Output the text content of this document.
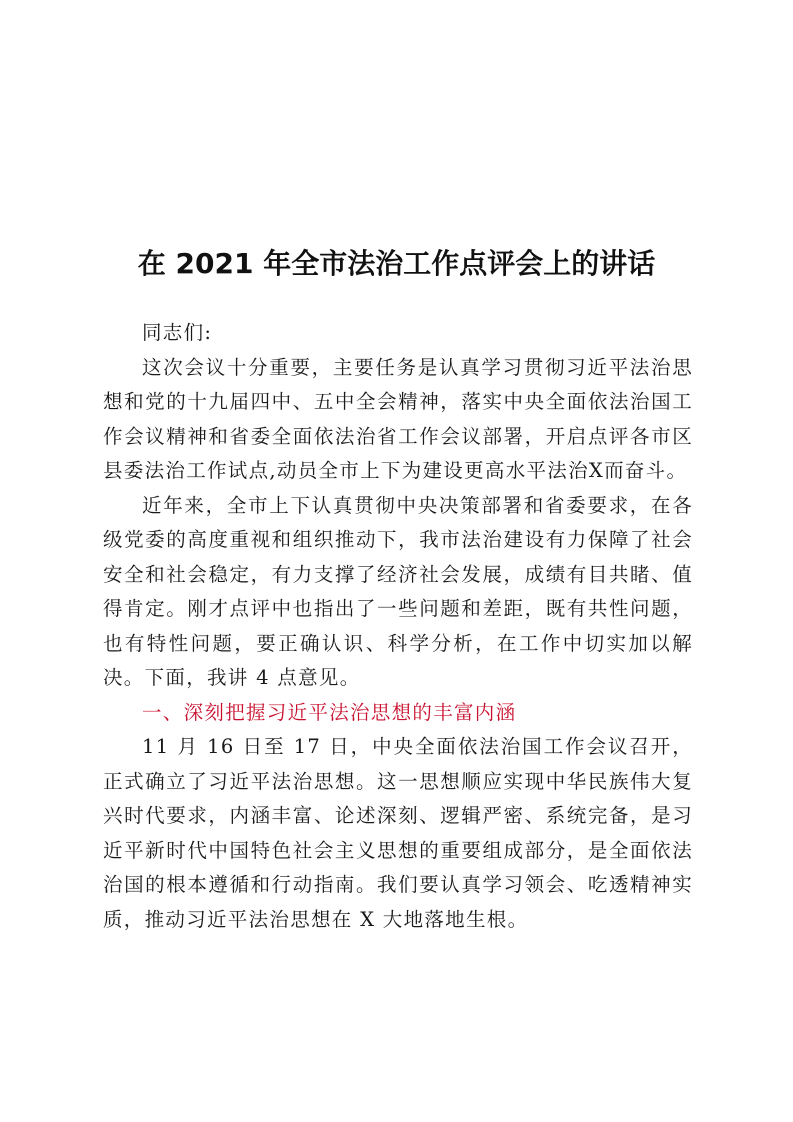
在 2021 年全市法治工作点评会上的讲话

同志们:

这次会议十分重要，主要任务是认真学习贯彻习近平法治思想和党的十九届四中、五中全会精神，落实中央全面依法治国工作会议精神和省委全面依法治省工作会议部署，开启点评各市区县委法治工作试点,动员全市上下为建设更高水平法治X而奋斗。

近年来，全市上下认真贯彻中央决策部署和省委要求，在各级党委的高度重视和组织推动下，我市法治建设有力保障了社会安全和社会稳定，有力支撑了经济社会发展，成绩有目共睹、值得肯定。刚才点评中也指出了一些问题和差距，既有共性问题，也有特性问题，要正确认识、科学分析，在工作中切实加以解决。下面，我讲 4 点意见。

一、深刻把握习近平法治思想的丰富内涵

11 月 16 日至 17 日，中央全面依法治国工作会议召开，正式确立了习近平法治思想。这一思想顺应实现中华民族伟大复兴时代要求，内涵丰富、论述深刻、逻辑严密、系统完备，是习近平新时代中国特色社会主义思想的重要组成部分，是全面依法治国的根本遵循和行动指南。我们要认真学习领会、吃透精神实质，推动习近平法治思想在 X 大地落地生根。
